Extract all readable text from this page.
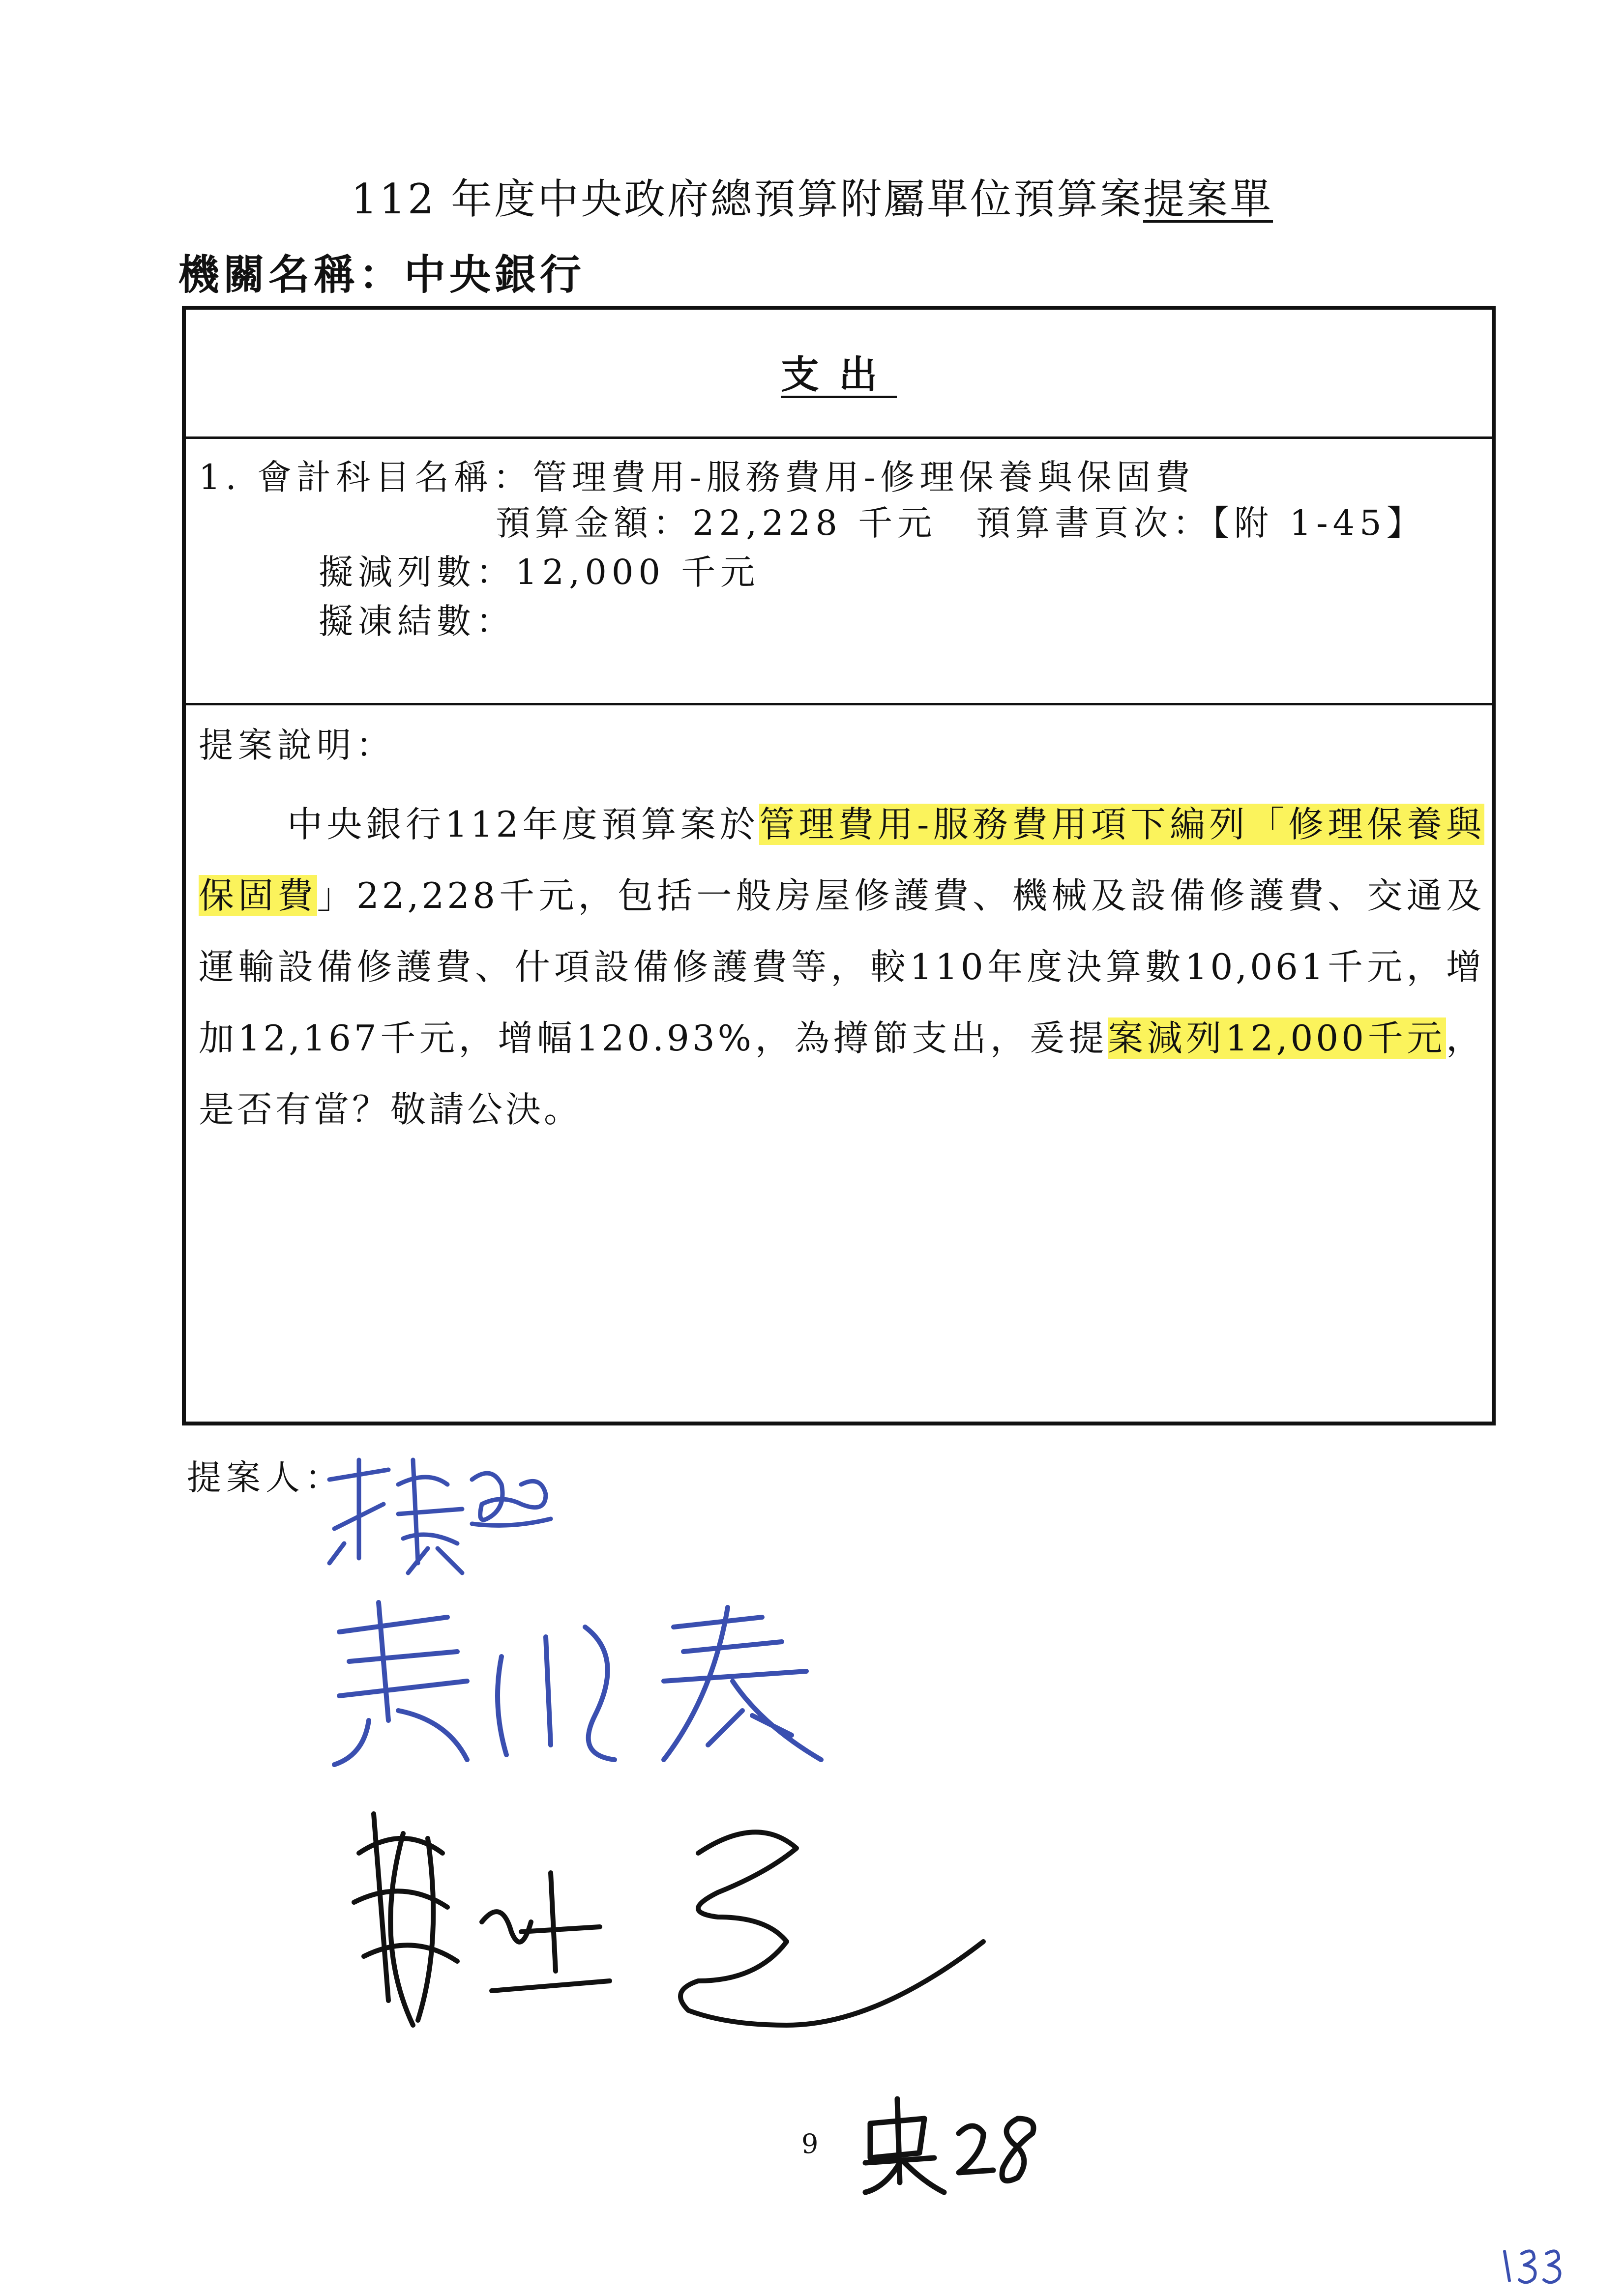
112 年度中央政府總預算附屬單位預算案提案單
機關名稱：中央銀行
支出
1. 會計科目名稱：管理費用-服務費用-修理保養與保固費
預算金額：22,228 千元 預算書頁次：【附 1-45】
擬減列數：12,000 千元
擬凍結數：
提案說明：
中央銀行112年度預算案於管理費用-服務費用項下編列「修理保養與保固費」22,228千元，包括一般房屋修護費、機械及設備修護費、交通及運輸設備修護費、什項設備修護費等，較110年度決算數10,061千元，增加12,167千元，增幅120.93%，為撙節支出，爰提案減列12,000千元，是否有當？敬請公決。
提案人：
9
